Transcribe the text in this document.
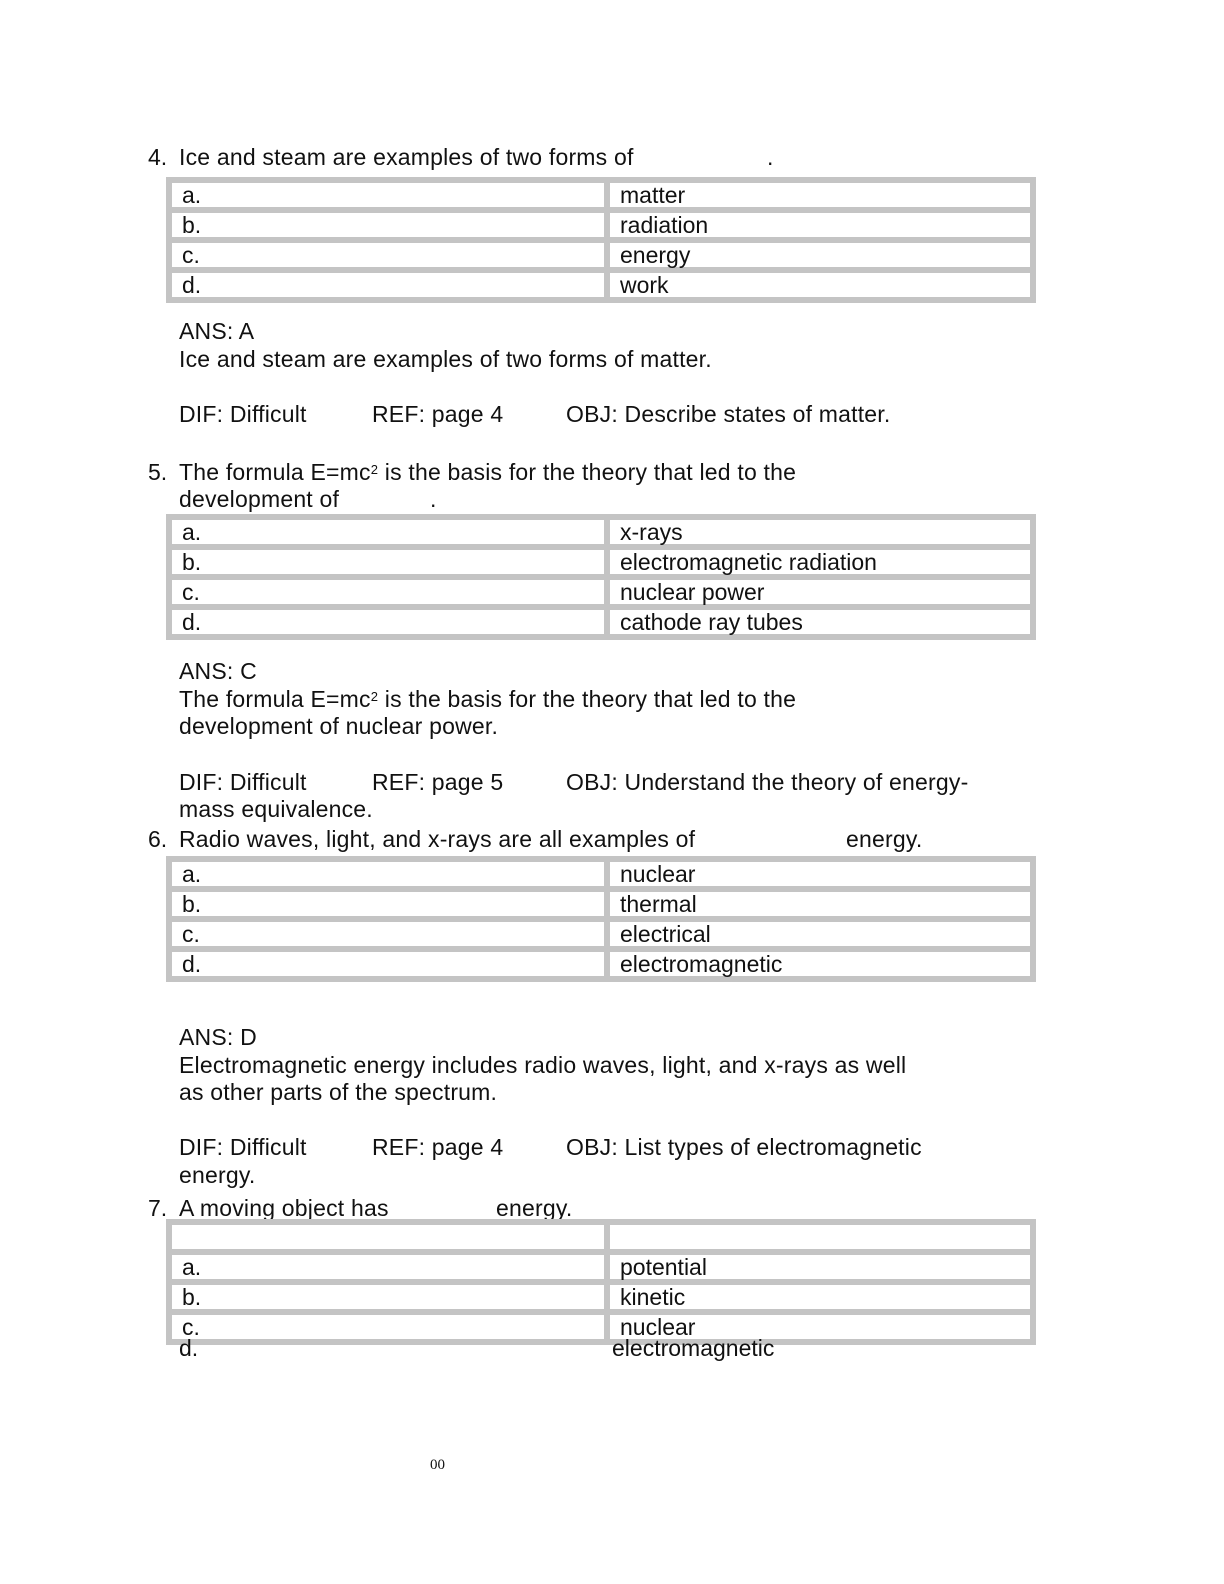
4. Ice and steam are examples of two forms of	.
a.	matter
b.	radiation
c.	energy
d.	work
ANS: A
Ice and steam are examples of two forms of matter.
DIF: Difficult	REF: page 4	OBJ: Describe states of matter.
5. The formula $E=mc^2$ is the basis for the theory that led to the
development of	.
a.	x-rays
b.	electromagnetic radiation
c.	nuclear power
d.	cathode ray tubes
ANS: C
The formula $E=mc^2$ is the basis for the theory that led to the
development of nuclear power.
DIF: Difficult	REF: page 5	OBJ: Understand the theory of energy-
mass equivalence.
6. Radio waves, light, and x-rays are all examples of	energy.
a.	nuclear
b.	thermal
c.	electrical
d.	electromagnetic
ANS: D
Electromagnetic energy includes radio waves, light, and x-rays as well
as other parts of the spectrum.
DIF: Difficult	REF: page 4	OBJ: List types of electromagnetic
energy.
7. A moving object has	energy.

a.	potential
b.	kinetic
c.	nuclear
d.	electromagnetic
00
